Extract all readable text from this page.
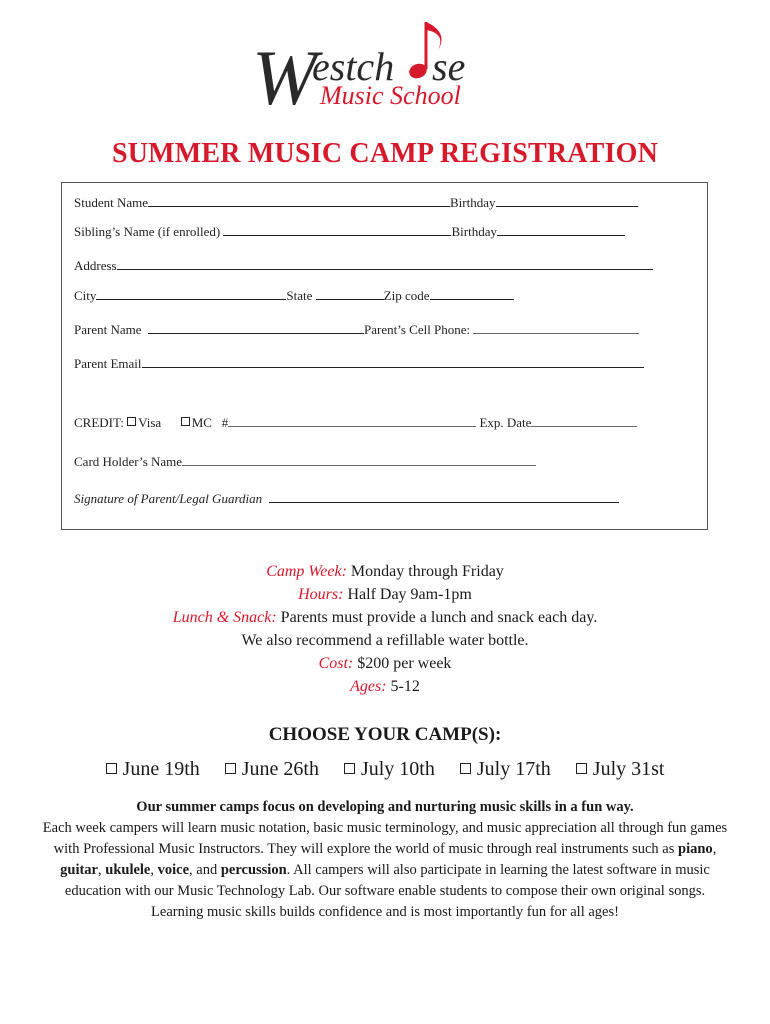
W
estch se
Music School
SUMMER MUSIC CAMP REGISTRATION
Student Name	Birthday
Sibling’s Name (if enrolled)	Birthday
Address
City	State	Zip code
Parent Name	Parent’s Cell Phone:
Parent Email
CREDIT: Visa MC #	Exp. Date
Card Holder’s Name
Signature of Parent/Legal Guardian
Camp Week: Monday through Friday
Hours: Half Day 9am-1pm
Lunch & Snack: Parents must provide a lunch and snack each day.
We also recommend a refillable water bottle.
Cost: $200 per week
Ages: 5-12
CHOOSE YOUR CAMP(S):
June 19th June 26th July 10th July 17th July 31st
Our summer camps focus on developing and nurturing music skills in a fun way.
Each week campers will learn music notation, basic music terminology, and music appreciation all through fun games with Professional Music Instructors. They will explore the world of music through real instruments such as piano, guitar, ukulele, voice, and percussion. All campers will also participate in learning the latest software in music education with our Music Technology Lab. Our software enable students to compose their own original songs. Learning music skills builds confidence and is most importantly fun for all ages!
